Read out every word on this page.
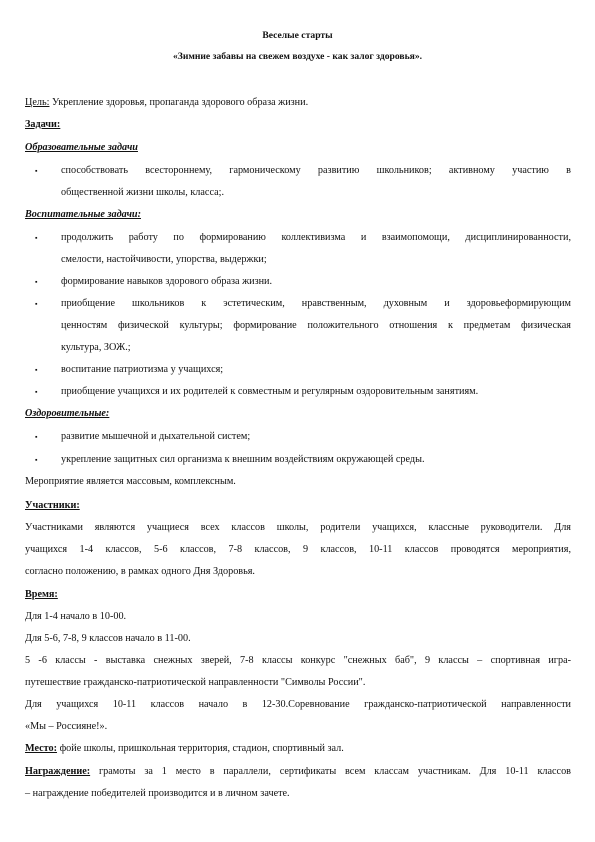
Веселые старты
«Зимние забавы на свежем воздухе - как залог здоровья».
Цель: Укрепление здоровья, пропаганда здорового образа жизни.
Задачи:
Образовательные задачи
▪ способствовать всестороннему, гармоническому развитию школьников; активному участию в
общественной жизни школы, класса;.
Воспитательные задачи:
▪ продолжить работу по формированию коллективизма и взаимопомощи, дисциплинированности,
смелости, настойчивости, упорства, выдержки;
▪ формирование навыков здорового образа жизни.
▪ приобщение школьников к эстетическим, нравственным, духовным и здоровьеформирующим
ценностям физической культуры; формирование положительного отношения к предметам физическая
культура, ЗОЖ.;
▪ воспитание патриотизма у учащихся;
▪ приобщение учащихся и их родителей к совместным и регулярным оздоровительным занятиям.
Оздоровительные:
▪ развитие мышечной и дыхательной систем;
▪ укрепление защитных сил организма к внешним воздействиям окружающей среды.
Мероприятие является массовым, комплексным.
Участники:
Участниками являются учащиеся всех классов школы, родители учащихся, классные руководители. Для
учащихся 1-4 классов, 5-6 классов, 7-8 классов, 9 классов, 10-11 классов проводятся мероприятия,
согласно положению, в рамках одного Дня Здоровья.
Время:
Для 1-4 начало в 10-00.
Для 5-6, 7-8, 9 классов начало в 11-00.
5 -6 классы - выставка снежных зверей, 7-8 классы конкурс "снежных баб", 9 классы – спортивная игра-
путешествие гражданско-патриотической направленности "Символы России".
Для учащихся 10-11 классов начало в 12-30.Соревнование гражданско-патриотической направленности
«Мы – Россияне!».
Место: фойе школы, пришкольная территория, стадион, спортивный зал.
Награждение: грамоты за 1 место в параллели, сертификаты всем классам участникам. Для 10-11 классов
– награждение победителей производится и в личном зачете.
